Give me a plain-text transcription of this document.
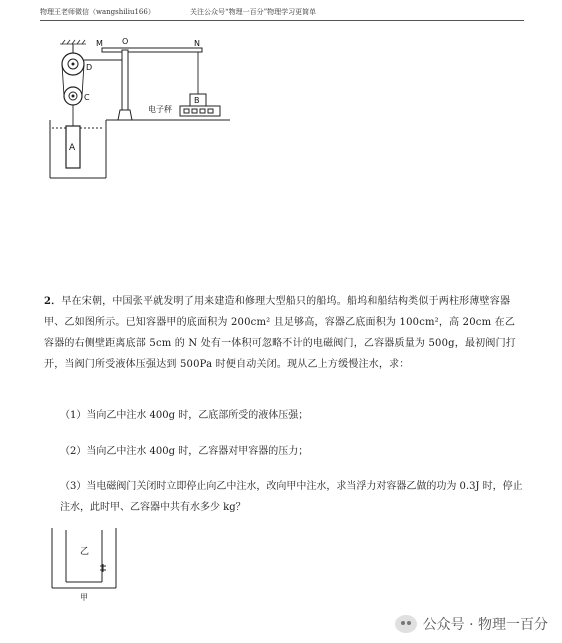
物理王老师微信（wangshiliu166）	关注公众号“物理一百分”物理学习更简单
M O	N
D
C
A
B
电子秤
2．早在宋朝，中国张平就发明了用来建造和修理大型船只的船坞。船坞和船结构类似于两柱形薄壁容器甲、乙如图所示。已知容器甲的底面积为 200cm² 且足够高，容器乙底面积为 100cm²，高 20cm 在乙容器的右侧壁距离底部 5cm 的 N 处有一体积可忽略不计的电磁阀门，乙容器质量为 500g，最初阀门打开，当阀门所受液体压强达到 500Pa 时便自动关闭。现从乙上方缓慢注水，求：
（1）当向乙中注水 400g 时，乙底部所受的液体压强；
（2）当向乙中注水 400g 时，乙容器对甲容器的压力；
（3）当电磁阀门关闭时立即停止向乙中注水，改向甲中注水，求当浮力对容器乙做的功为 0.3J 时，停止注水，此时甲、乙容器中共有水多少 kg？
乙
甲
公众号 · 物理一百分
